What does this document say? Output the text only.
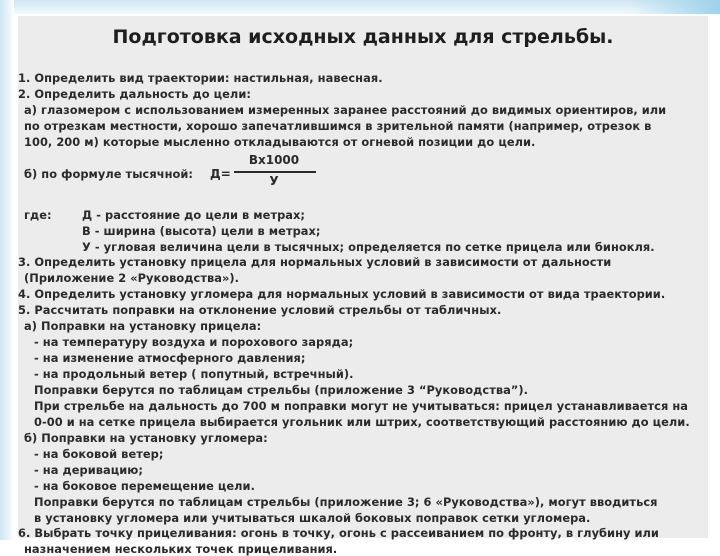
Подготовка исходных данных для стрельбы.
1. Определить вид траектории: настильная, навесная.
2. Определить дальность до цели:
а) глазомером с использованием измеренных заранее расстояний до видимых ориентиров, или
по отрезкам местности, хорошо запечатлившимся в зрительной памяти (например, отрезок в
100, 200 м) которые мысленно откладываются от огневой позиции до цели.
б) по формуле тысячной: Д=
Вx1000
У
где:	Д - расстояние до цели в метрах;
В - ширина (высота) цели в метрах;
У - угловая величина цели в тысячных; определяется по сетке прицела или бинокля.
3. Определить установку прицела для нормальных условий в зависимости от дальности
(Приложение 2 «Руководства»).
4. Определить установку угломера для нормальных условий в зависимости от вида траектории.
5. Рассчитать поправки на отклонение условий стрельбы от табличных.
а) Поправки на установку прицела:
- на температуру воздуха и порохового заряда;
- на изменение атмосферного давления;
- на продольный ветер ( попутный, встречный).
Поправки берутся по таблицам стрельбы (приложение 3 “Руководства”).
При стрельбе на дальность до 700 м поправки могут не учитываться: прицел устанавливается на
0-00 и на сетке прицела выбирается угольник или штрих, соответствующий расстоянию до цели.
б) Поправки на установку угломера:
- на боковой ветер;
- на деривацию;
- на боковое перемещение цели.
Поправки берутся по таблицам стрельбы (приложение 3; 6 «Руководства»), могут вводиться
в установку угломера или учитываться шкалой боковых поправок сетки угломера.
6. Выбрать точку прицеливания: огонь в точку, огонь с рассеиванием по фронту, в глубину или
назначением нескольких точек прицеливания.
